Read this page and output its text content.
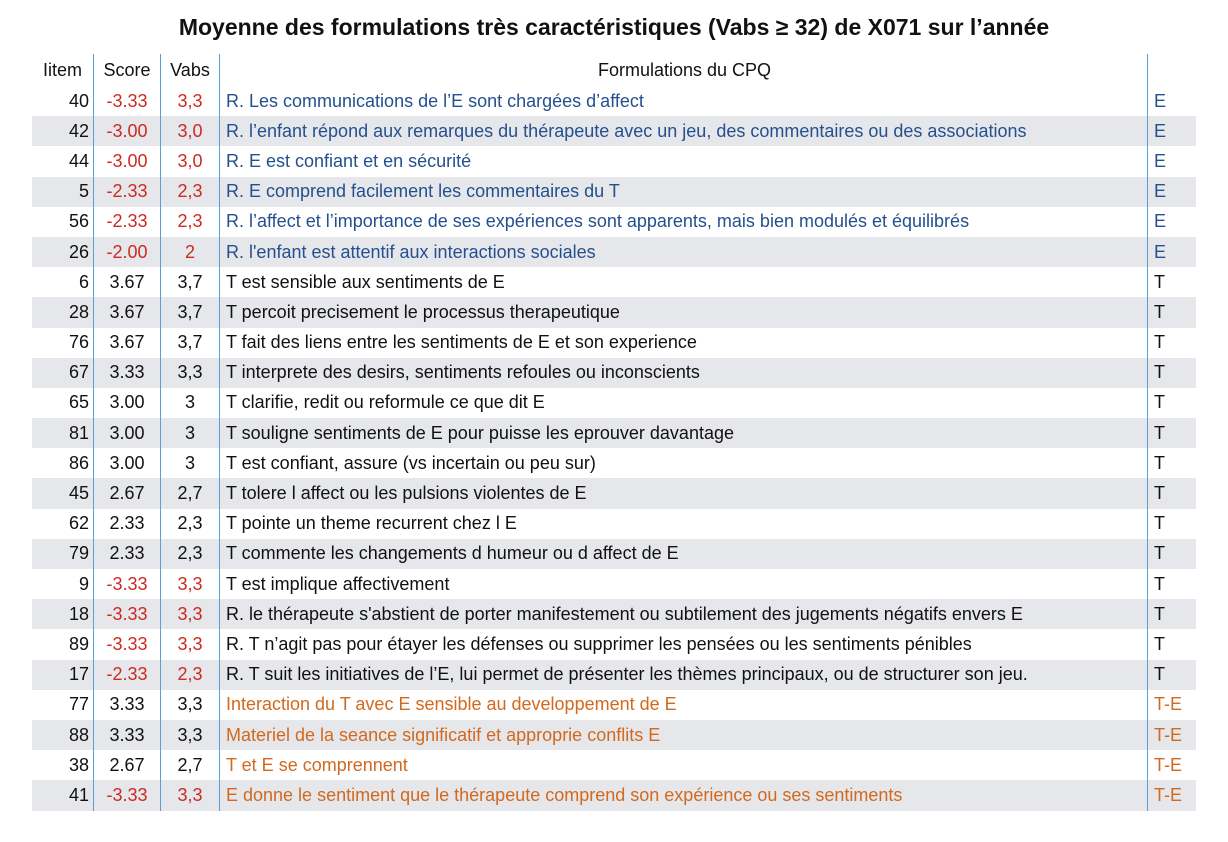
Moyenne des formulations très caractéristiques (Vabs ≥ 32) de X071 sur l’année
Iitem	Score	Vabs	Formulations du CPQ	A
40	-3.33	3,3	R. Les communications de l’E sont chargées d’affect	E
42	-3.00	3,0	R. l’enfant répond aux remarques du thérapeute avec un jeu, des commentaires ou des associations	E
44	-3.00	3,0	R. E est confiant et en sécurité	E
5	-2.33	2,3	R. E comprend facilement les commentaires du T	E
56	-2.33	2,3	R. l’affect et l’importance de ses expériences sont apparents, mais bien modulés et équilibrés	E
26	-2.00	2	R. l'enfant est attentif aux interactions sociales	E
6	3.67	3,7	T est sensible aux sentiments de E	T
28	3.67	3,7	T percoit precisement le processus therapeutique	T
76	3.67	3,7	T fait des liens entre les sentiments de E et son experience	T
67	3.33	3,3	T interprete des desirs, sentiments refoules ou inconscients	T
65	3.00	3	T clarifie, redit ou reformule ce que dit E	T
81	3.00	3	T souligne sentiments de E pour puisse les eprouver davantage	T
86	3.00	3	T est confiant, assure (vs incertain ou peu sur)	T
45	2.67	2,7	T tolere l affect ou les pulsions violentes de E	T
62	2.33	2,3	T pointe un theme recurrent chez l E	T
79	2.33	2,3	T commente les changements d humeur ou d affect de E	T
9	-3.33	3,3	T est implique affectivement	T
18	-3.33	3,3	R. le thérapeute s'abstient de porter manifestement ou subtilement des jugements négatifs envers E	T
89	-3.33	3,3	R. T n’agit pas pour étayer les défenses ou supprimer les pensées ou les sentiments pénibles	T
17	-2.33	2,3	R. T suit les initiatives de l’E, lui permet de présenter les thèmes principaux, ou de structurer son jeu.	T
77	3.33	3,3	Interaction du T avec E sensible au developpement de E	T-E
88	3.33	3,3	Materiel de la seance significatif et approprie conflits E	T-E
38	2.67	2,7	T et E se comprennent	T-E
41	-3.33	3,3	E donne le sentiment que le thérapeute comprend son expérience ou ses sentiments	T-E
